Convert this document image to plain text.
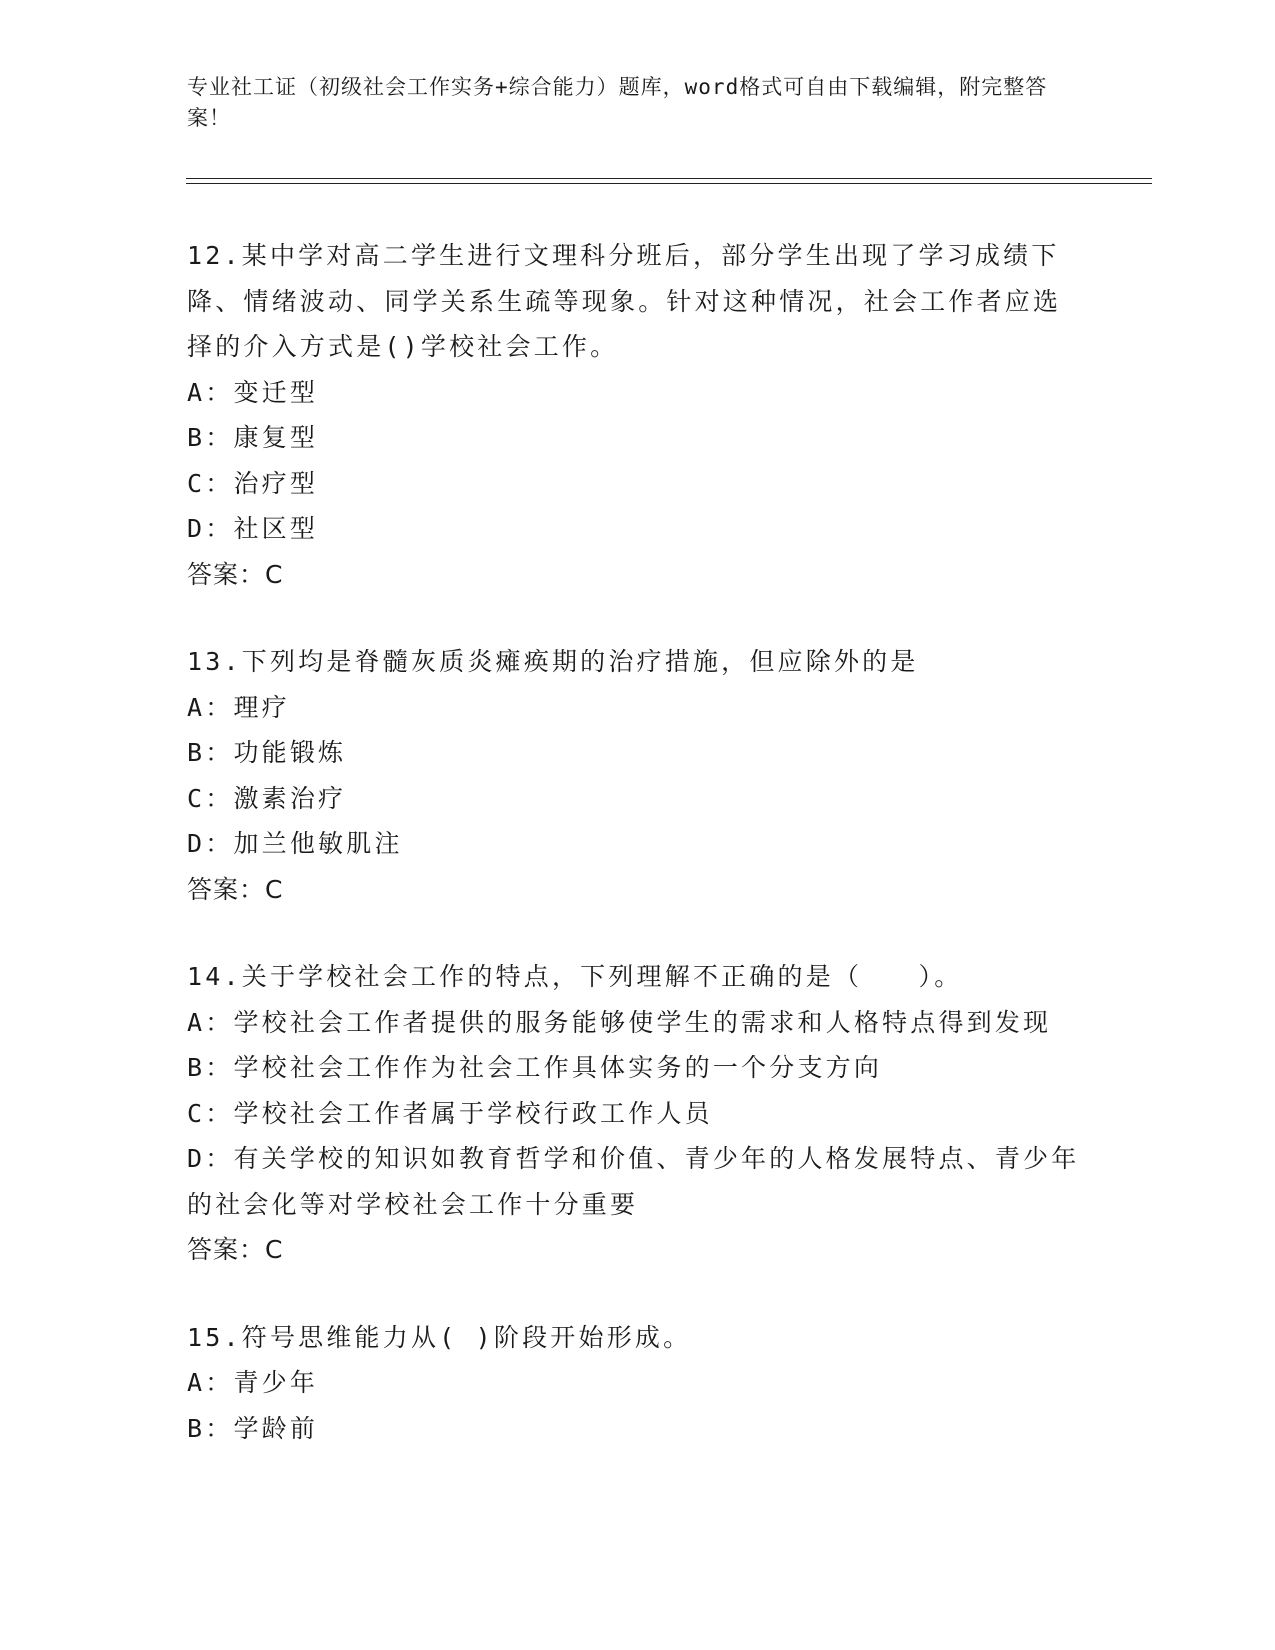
专业社工证（初级社会工作实务+综合能力）题库，word格式可自由下载编辑，附完整答案！
12.某中学对高二学生进行文理科分班后，部分学生出现了学习成绩下降、情绪波动、同学关系生疏等现象。针对这种情况，社会工作者应选择的介入方式是()学校社会工作。
A：变迁型
B：康复型
C：治疗型
D：社区型
答案：C
13.下列均是脊髓灰质炎瘫痪期的治疗措施，但应除外的是
A：理疗
B：功能锻炼
C：激素治疗
D：加兰他敏肌注
答案：C
14.关于学校社会工作的特点，下列理解不正确的是（　　）。
A：学校社会工作者提供的服务能够使学生的需求和人格特点得到发现
B：学校社会工作作为社会工作具体实务的一个分支方向
C：学校社会工作者属于学校行政工作人员
D：有关学校的知识如教育哲学和价值、青少年的人格发展特点、青少年的社会化等对学校社会工作十分重要
答案：C
15.符号思维能力从( )阶段开始形成。
A：青少年
B：学龄前
